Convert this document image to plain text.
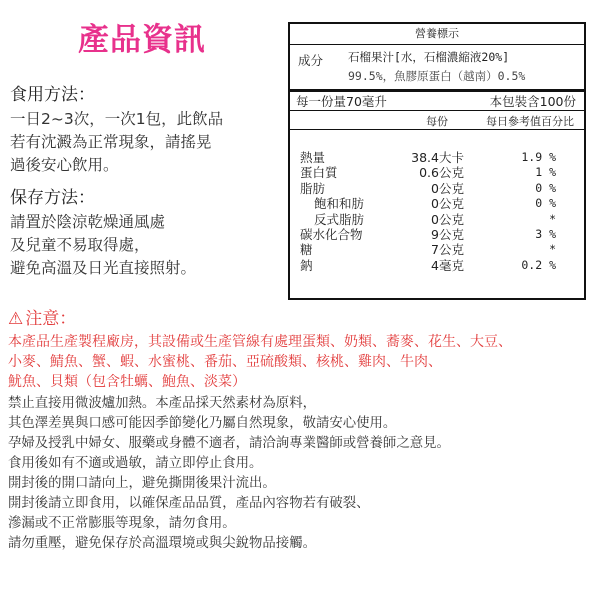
產品資訊
食用方法：
一日2~3次，一次1包，此飲品
若有沈澱為正常現象，請搖晃
過後安心飲用。
保存方法：
請置於陰涼乾燥通風處
及兒童不易取得處，
避免高溫及日光直接照射。
營養標示
成分 石榴果汁[水，石榴濃縮液20%]
99.5%，魚膠原蛋白（越南）0.5%
每一份量70毫升	本包裝含100份
每份	每日參考值百分比
熱量	38.4大卡	1.9 %
蛋白質	0.6公克	1 %
脂肪	0公克	0 %
飽和和肪	0公克	0 %
反式脂肪	0公克	*
碳水化合物	9公克	3 %
糖	7公克	*
鈉	4毫克	0.2 %
⚠ 注意：
本產品生產製程廠房，其設備或生產管線有處理蛋類、奶類、蕎麥、花生、大豆、
小麥、鯖魚、蟹、蝦、水蜜桃、番茄、亞硫酸類、核桃、雞肉、牛肉、
魷魚、貝類（包含牡蠣、鮑魚、淡菜）
禁止直接用微波爐加熱。本產品採天然素材為原料，
其色澤差異與口感可能因季節變化乃屬自然現象，敬請安心使用。
孕婦及授乳中婦女、服藥或身體不適者，請洽詢專業醫師或營養師之意見。
食用後如有不適或過敏，請立即停止食用。
開封後的開口請向上，避免撕開後果汁流出。
開封後請立即食用，以確保產品品質，產品內容物若有破裂、
滲漏或不正常膨脹等現象，請勿食用。
請勿重壓，避免保存於高溫環境或與尖銳物品接觸。
